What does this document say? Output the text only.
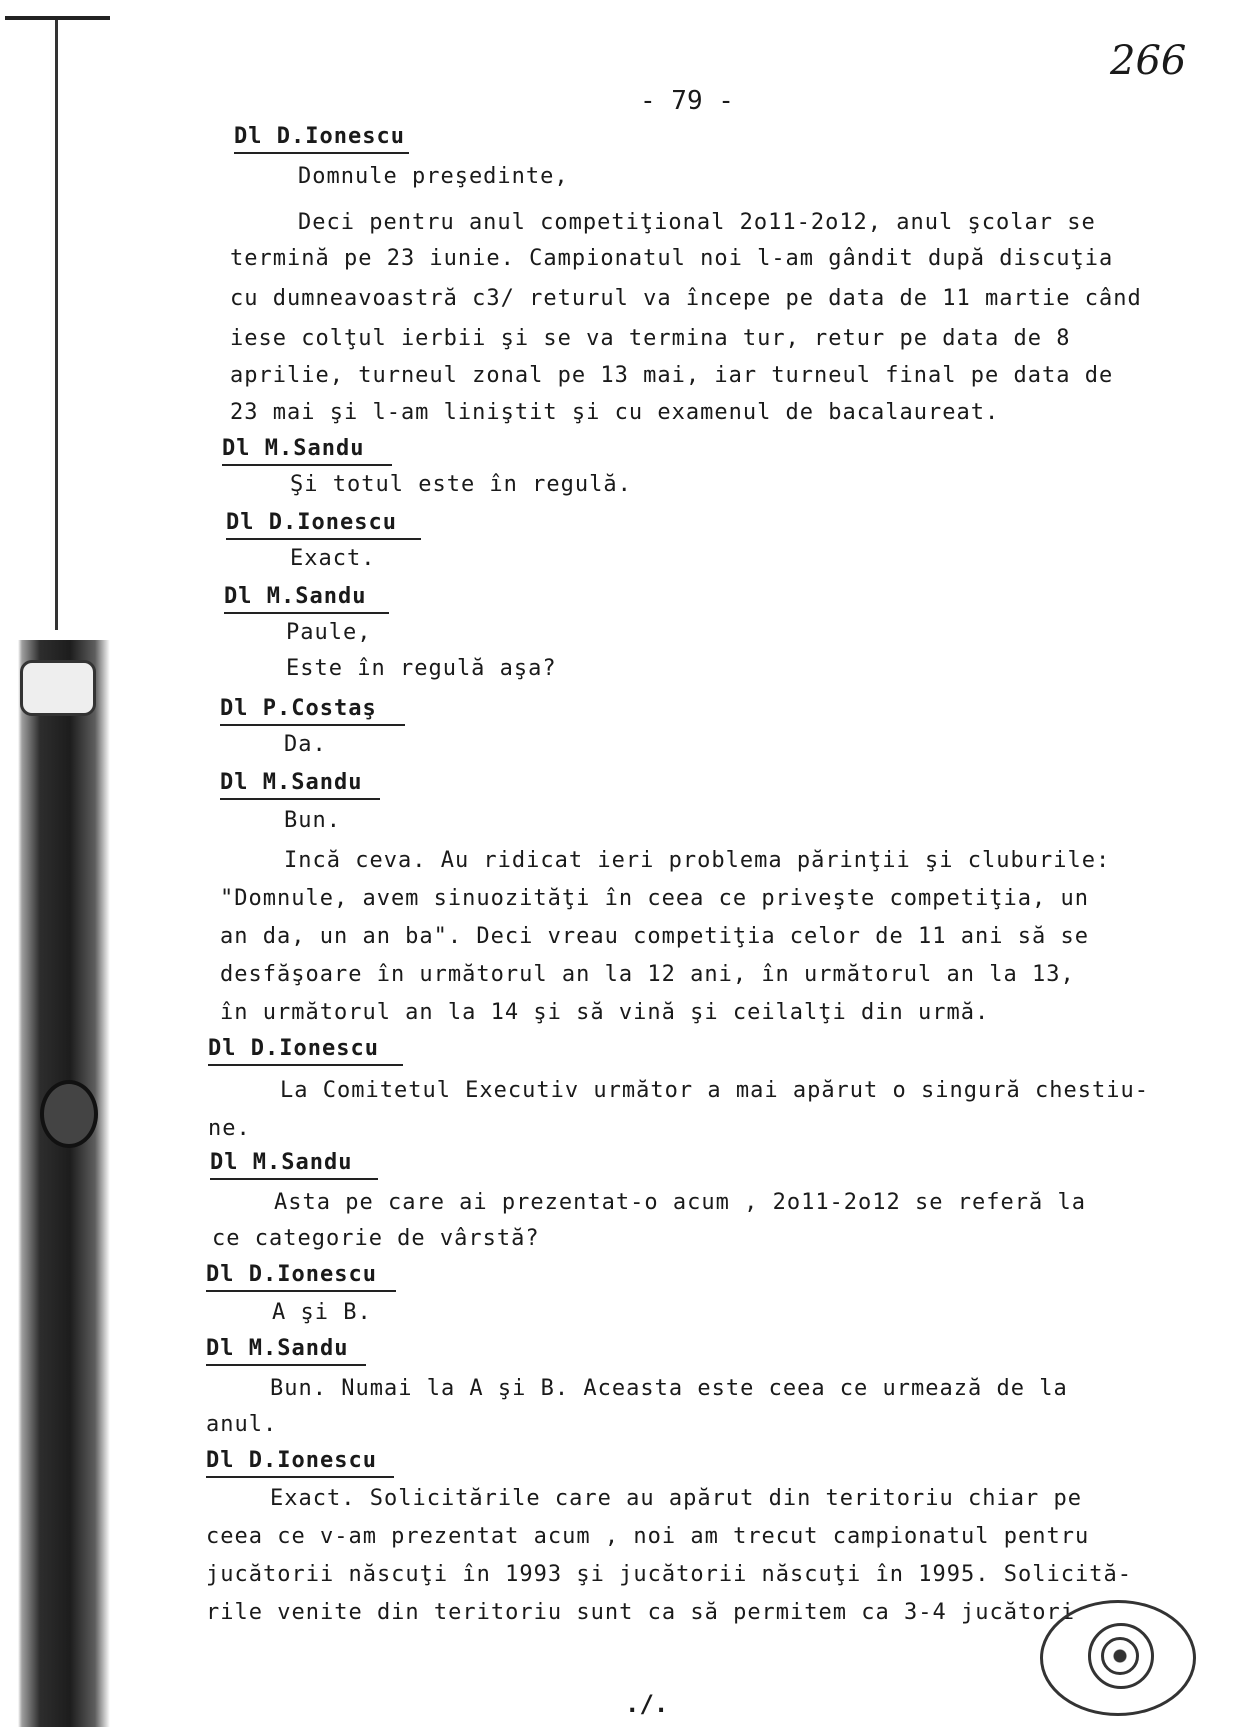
- 79 -
266
Dl D.Ionescu
Domnule preşedinte,
Deci pentru anul competiţional 2o11-2o12, anul şcolar se
termină pe 23 iunie. Campionatul noi l-am gândit după discuţia
cu dumneavoastră c3/ returul va începe pe data de 11 martie când
iese colţul ierbii şi se va termina tur, retur pe data de 8
aprilie, turneul zonal pe 13 mai, iar turneul final pe data de
23 mai şi l-am liniştit şi cu examenul de bacalaureat.
Dl M.Sandu
Şi totul este în regulă.
Dl D.Ionescu
Exact.
Dl M.Sandu
Paule,
Este în regulă aşa?
Dl P.Costaş
Da.
Dl M.Sandu
Bun.
Incă ceva. Au ridicat ieri problema părinţii şi cluburile:
"Domnule, avem sinuozităţi în ceea ce priveşte competiţia, un
an da, un an ba". Deci vreau competiţia celor de 11 ani să se
desfăşoare în următorul an la 12 ani, în următorul an la 13,
în următorul an la 14 şi să vină şi ceilalţi din urmă.
Dl D.Ionescu
La Comitetul Executiv următor a mai apărut o singură chestiu-
ne.
Dl M.Sandu
Asta pe care ai prezentat-o acum , 2o11-2o12 se referă la
ce categorie de vârstă?
Dl D.Ionescu
A şi B.
Dl M.Sandu
Bun. Numai la A şi B. Aceasta este ceea ce urmează de la
anul.
Dl D.Ionescu
Exact. Solicitările care au apărut din teritoriu chiar pe
ceea ce v-am prezentat acum , noi am trecut campionatul pentru
jucătorii născuţi în 1993 şi jucătorii născuţi în 1995. Solicită-
rile venite din teritoriu sunt ca să permitem ca 3-4 jucători
./.
